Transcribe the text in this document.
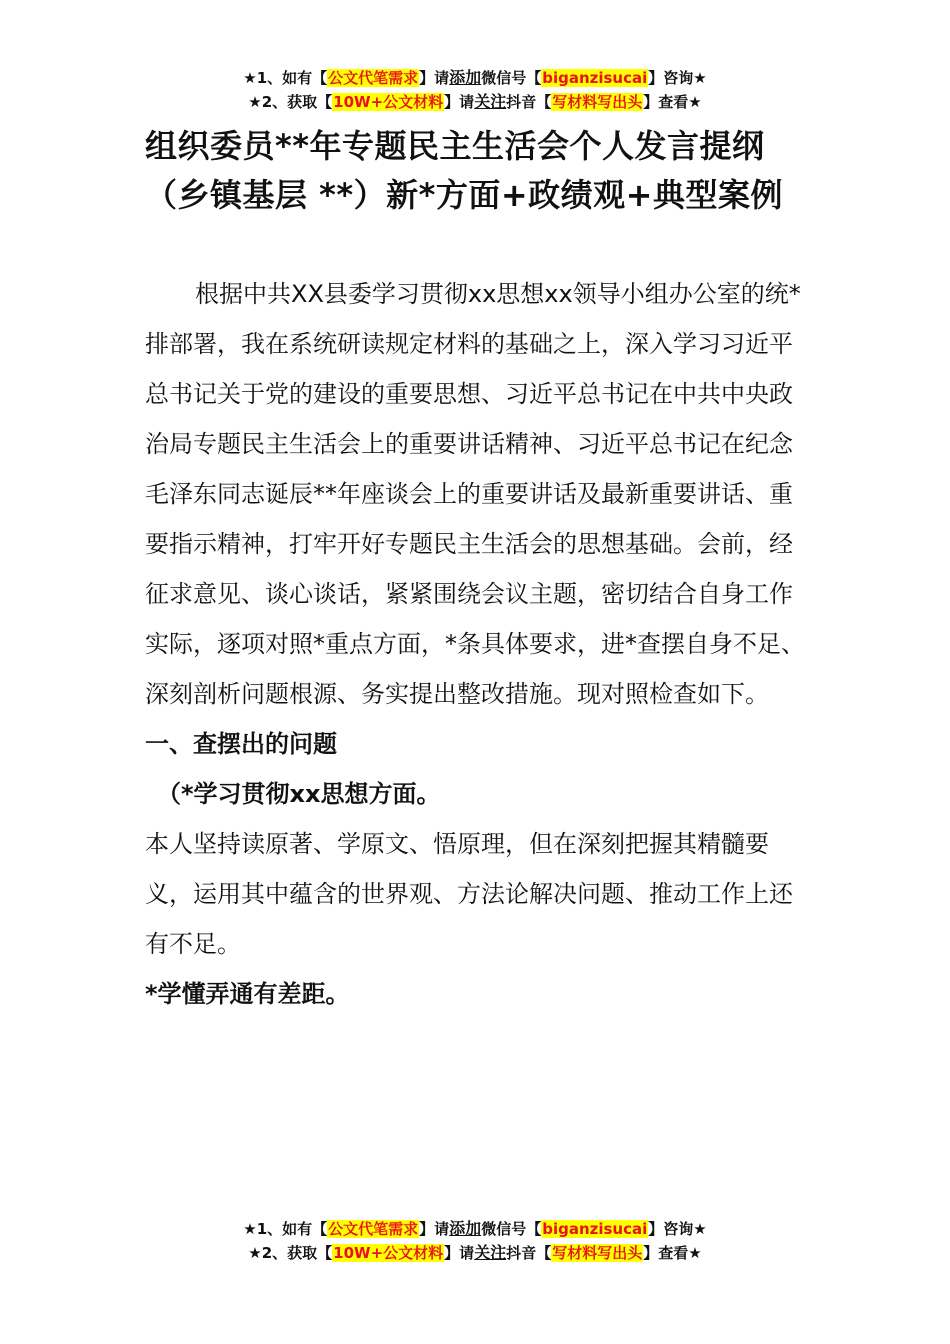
★1、如有【公文代笔需求】请添加微信号【biganzisucai】咨询★
★2、获取【10W+公文材料】请关注抖音【写材料写出头】查看★
组织委员**年专题民主生活会个人发言提纲（乡镇基层 **）新*方面+政绩观+典型案例

根据中共XX县委学习贯彻xx思想xx领导小组办公室的统*排部署，我在系统研读规定材料的基础之上，深入学习习近平总书记关于党的建设的重要思想、习近平总书记在中共中央政治局专题民主生活会上的重要讲话精神、习近平总书记在纪念毛泽东同志诞辰**年座谈会上的重要讲话及最新重要讲话、重要指示精神，打牢开好专题民主生活会的思想基础。会前，经征求意见、谈心谈话，紧紧围绕会议主题，密切结合自身工作实际，逐项对照*重点方面，*条具体要求，进*查摆自身不足、深刻剖析问题根源、务实提出整改措施。现对照检查如下。

一、查摆出的问题

（*学习贯彻xx思想方面。

本人坚持读原著、学原文、悟原理，但在深刻把握其精髓要义，运用其中蕴含的世界观、方法论解决问题、推动工作上还有不足。

*学懂弄通有差距。

★1、如有【公文代笔需求】请添加微信号【biganzisucai】咨询★
★2、获取【10W+公文材料】请关注抖音【写材料写出头】查看★
